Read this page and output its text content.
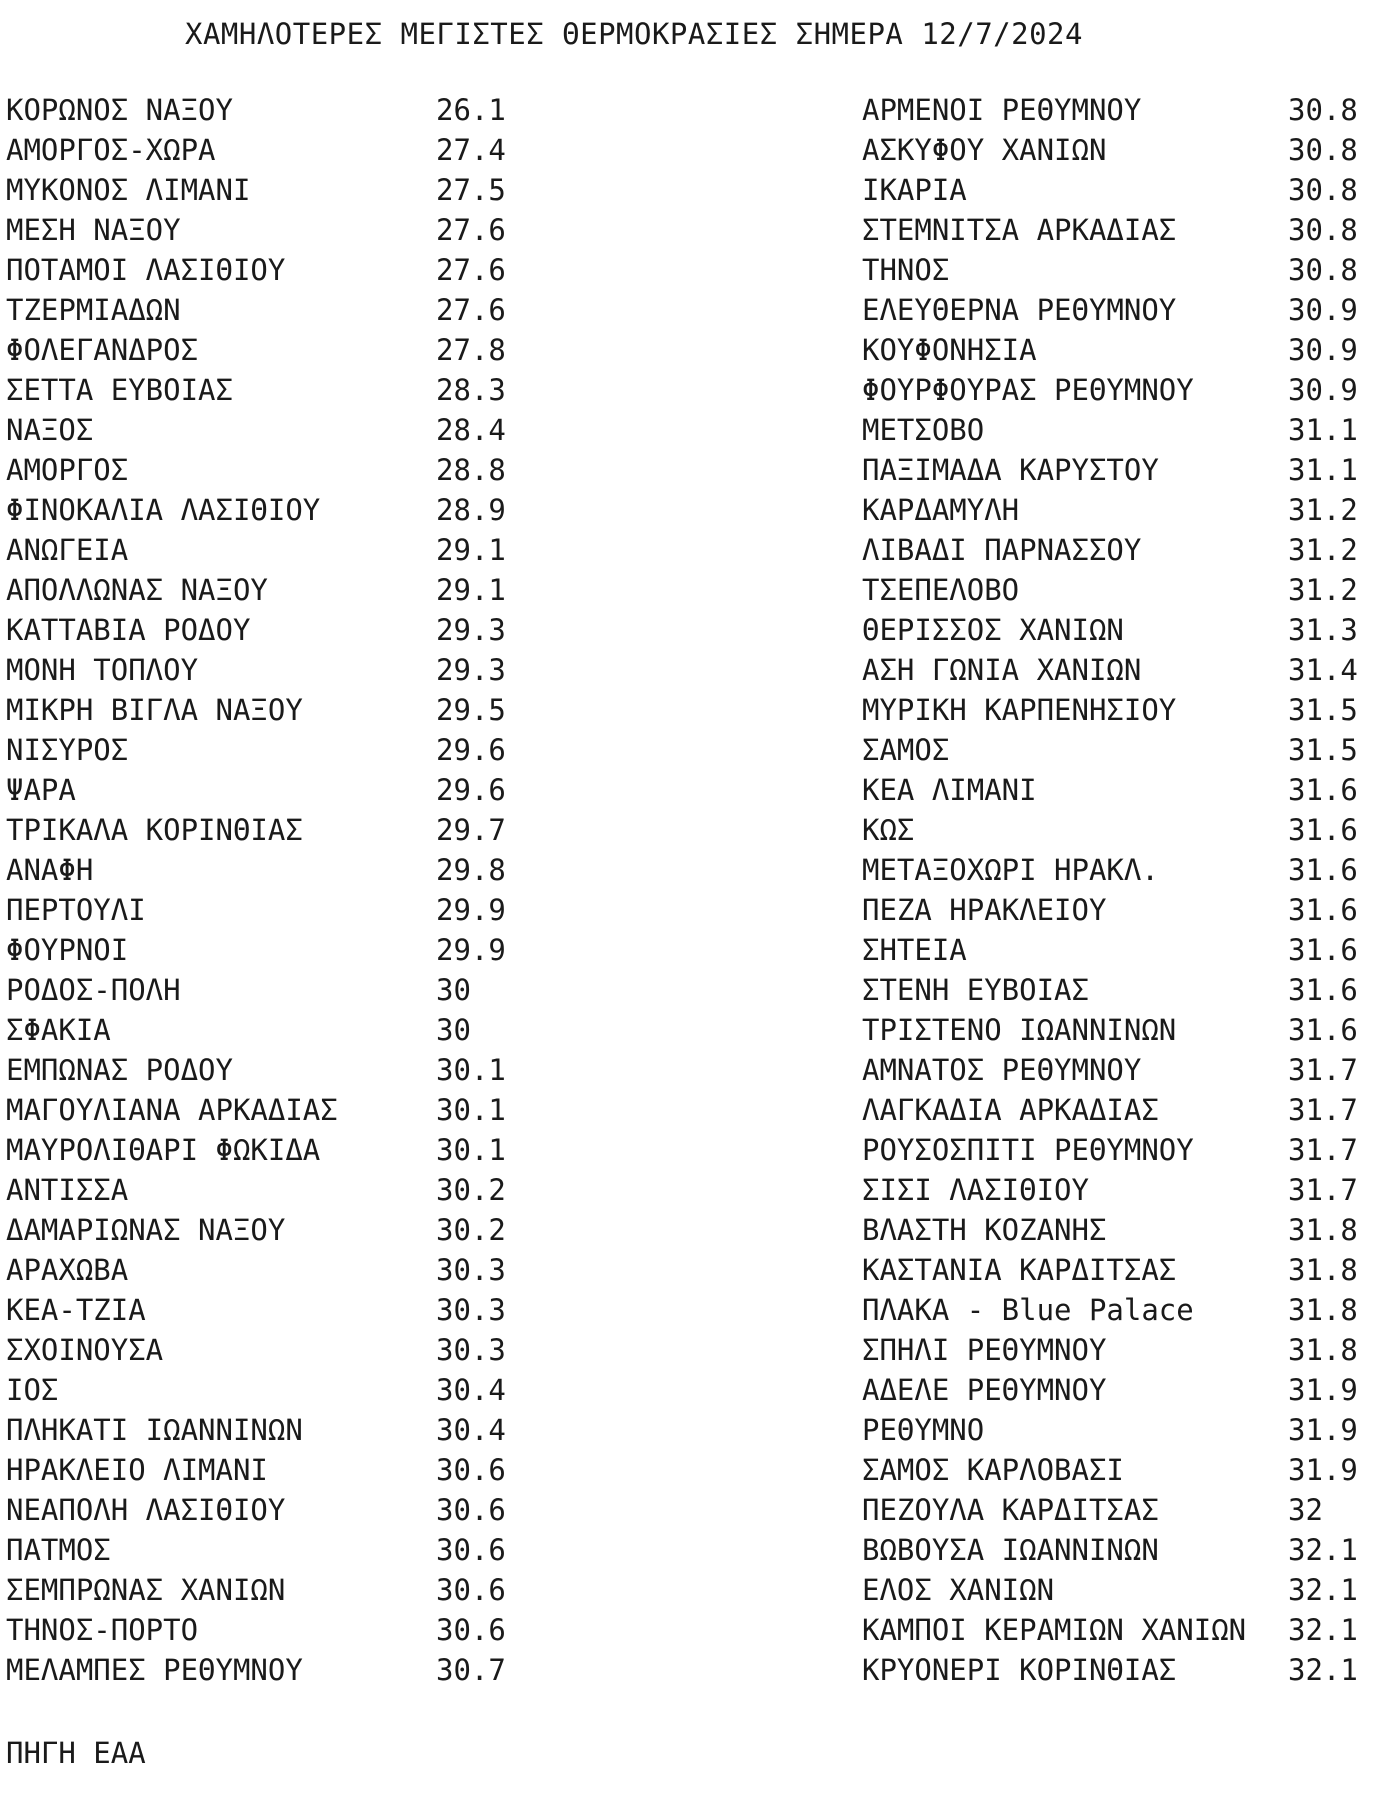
ΧΑΜΗΛΟΤΕΡΕΣ ΜΕΓΙΣΤΕΣ ΘΕΡΜΟΚΡΑΣΙΕΣ ΣΗΜΕΡΑ 12/7/2024
ΚΟΡΩΝΟΣ ΝΑΞΟΥ	26.1
ΑΜΟΡΓΟΣ-ΧΩΡΑ	27.4
ΜΥΚΟΝΟΣ ΛΙΜΑΝΙ	27.5
ΜΕΣΗ ΝΑΞΟΥ	27.6
ΠΟΤΑΜΟΙ ΛΑΣΙΘΙΟΥ	27.6
ΤΖΕΡΜΙΑΔΩΝ	27.6
ΦΟΛΕΓΑΝΔΡΟΣ	27.8
ΣΕΤΤΑ ΕΥΒΟΙΑΣ	28.3
ΝΑΞΟΣ	28.4
ΑΜΟΡΓΟΣ	28.8
ΦΙΝΟΚΑΛΙΑ ΛΑΣΙΘΙΟΥ	28.9
ΑΝΩΓΕΙΑ	29.1
ΑΠΟΛΛΩΝΑΣ ΝΑΞΟΥ	29.1
ΚΑΤΤΑΒΙΑ ΡΟΔΟΥ	29.3
ΜΟΝΗ ΤΟΠΛΟΥ	29.3
ΜΙΚΡΗ ΒΙΓΛΑ ΝΑΞΟΥ	29.5
ΝΙΣΥΡΟΣ	29.6
ΨΑΡΑ	29.6
ΤΡΙΚΑΛΑ ΚΟΡΙΝΘΙΑΣ	29.7
ΑΝΑΦΗ	29.8
ΠΕΡΤΟΥΛΙ	29.9
ΦΟΥΡΝΟΙ	29.9
ΡΟΔΟΣ-ΠΟΛΗ	30
ΣΦΑΚΙΑ	30
ΕΜΠΩΝΑΣ ΡΟΔΟΥ	30.1
ΜΑΓΟΥΛΙΑΝΑ ΑΡΚΑΔΙΑΣ	30.1
ΜΑΥΡΟΛΙΘΑΡΙ ΦΩΚΙΔΑ	30.1
ΑΝΤΙΣΣΑ	30.2
ΔΑΜΑΡΙΩΝΑΣ ΝΑΞΟΥ	30.2
ΑΡΑΧΩΒΑ	30.3
ΚΕΑ-ΤΖΙΑ	30.3
ΣΧΟΙΝΟΥΣΑ	30.3
ΙΟΣ	30.4
ΠΛΗΚΑΤΙ ΙΩΑΝΝΙΝΩΝ	30.4
ΗΡΑΚΛΕΙΟ ΛΙΜΑΝΙ	30.6
ΝΕΑΠΟΛΗ ΛΑΣΙΘΙΟΥ	30.6
ΠΑΤΜΟΣ	30.6
ΣΕΜΠΡΩΝΑΣ ΧΑΝΙΩΝ	30.6
ΤΗΝΟΣ-ΠΟΡΤΟ	30.6
ΜΕΛΑΜΠΕΣ ΡΕΘΥΜΝΟΥ	30.7
ΑΡΜΕΝΟΙ ΡΕΘΥΜΝΟΥ	30.8
ΑΣΚΥΦΟΥ ΧΑΝΙΩΝ	30.8
ΙΚΑΡΙΑ	30.8
ΣΤΕΜΝΙΤΣΑ ΑΡΚΑΔΙΑΣ	30.8
ΤΗΝΟΣ	30.8
ΕΛΕΥΘΕΡΝΑ ΡΕΘΥΜΝΟΥ	30.9
ΚΟΥΦΟΝΗΣΙΑ	30.9
ΦΟΥΡΦΟΥΡΑΣ ΡΕΘΥΜΝΟΥ	30.9
ΜΕΤΣΟΒΟ	31.1
ΠΑΞΙΜΑΔΑ ΚΑΡΥΣΤΟΥ	31.1
ΚΑΡΔΑΜΥΛΗ	31.2
ΛΙΒΑΔΙ ΠΑΡΝΑΣΣΟΥ	31.2
ΤΣΕΠΕΛΟΒΟ	31.2
ΘΕΡΙΣΣΟΣ ΧΑΝΙΩΝ	31.3
ΑΣΗ ΓΩΝΙΑ ΧΑΝΙΩΝ	31.4
ΜΥΡΙΚΗ ΚΑΡΠΕΝΗΣΙΟΥ	31.5
ΣΑΜΟΣ	31.5
ΚΕΑ ΛΙΜΑΝΙ	31.6
ΚΩΣ	31.6
ΜΕΤΑΞΟΧΩΡΙ ΗΡΑΚΛ.	31.6
ΠΕΖΑ ΗΡΑΚΛΕΙΟΥ	31.6
ΣΗΤΕΙΑ	31.6
ΣΤΕΝΗ ΕΥΒΟΙΑΣ	31.6
ΤΡΙΣΤΕΝΟ ΙΩΑΝΝΙΝΩΝ	31.6
ΑΜΝΑΤΟΣ ΡΕΘΥΜΝΟΥ	31.7
ΛΑΓΚΑΔΙΑ ΑΡΚΑΔΙΑΣ	31.7
ΡΟΥΣΟΣΠΙΤΙ ΡΕΘΥΜΝΟΥ	31.7
ΣΙΣΙ ΛΑΣΙΘΙΟΥ	31.7
ΒΛΑΣΤΗ ΚΟΖΑΝΗΣ	31.8
ΚΑΣΤΑΝΙΑ ΚΑΡΔΙΤΣΑΣ	31.8
ΠΛΑΚΑ - Blue Palace	31.8
ΣΠΗΛΙ ΡΕΘΥΜΝΟΥ	31.8
ΑΔΕΛΕ ΡΕΘΥΜΝΟΥ	31.9
ΡΕΘΥΜΝΟ	31.9
ΣΑΜΟΣ ΚΑΡΛΟΒΑΣΙ	31.9
ΠΕΖΟΥΛΑ ΚΑΡΔΙΤΣΑΣ	32
ΒΩΒΟΥΣΑ ΙΩΑΝΝΙΝΩΝ	32.1
ΕΛΟΣ ΧΑΝΙΩΝ	32.1
ΚΑΜΠΟΙ ΚΕΡΑΜΙΩΝ ΧΑΝΙΩΝ 32.1
ΚΡΥΟΝΕΡΙ ΚΟΡΙΝΘΙΑΣ	32.1
ΠΗΓΗ ΕΑΑ
